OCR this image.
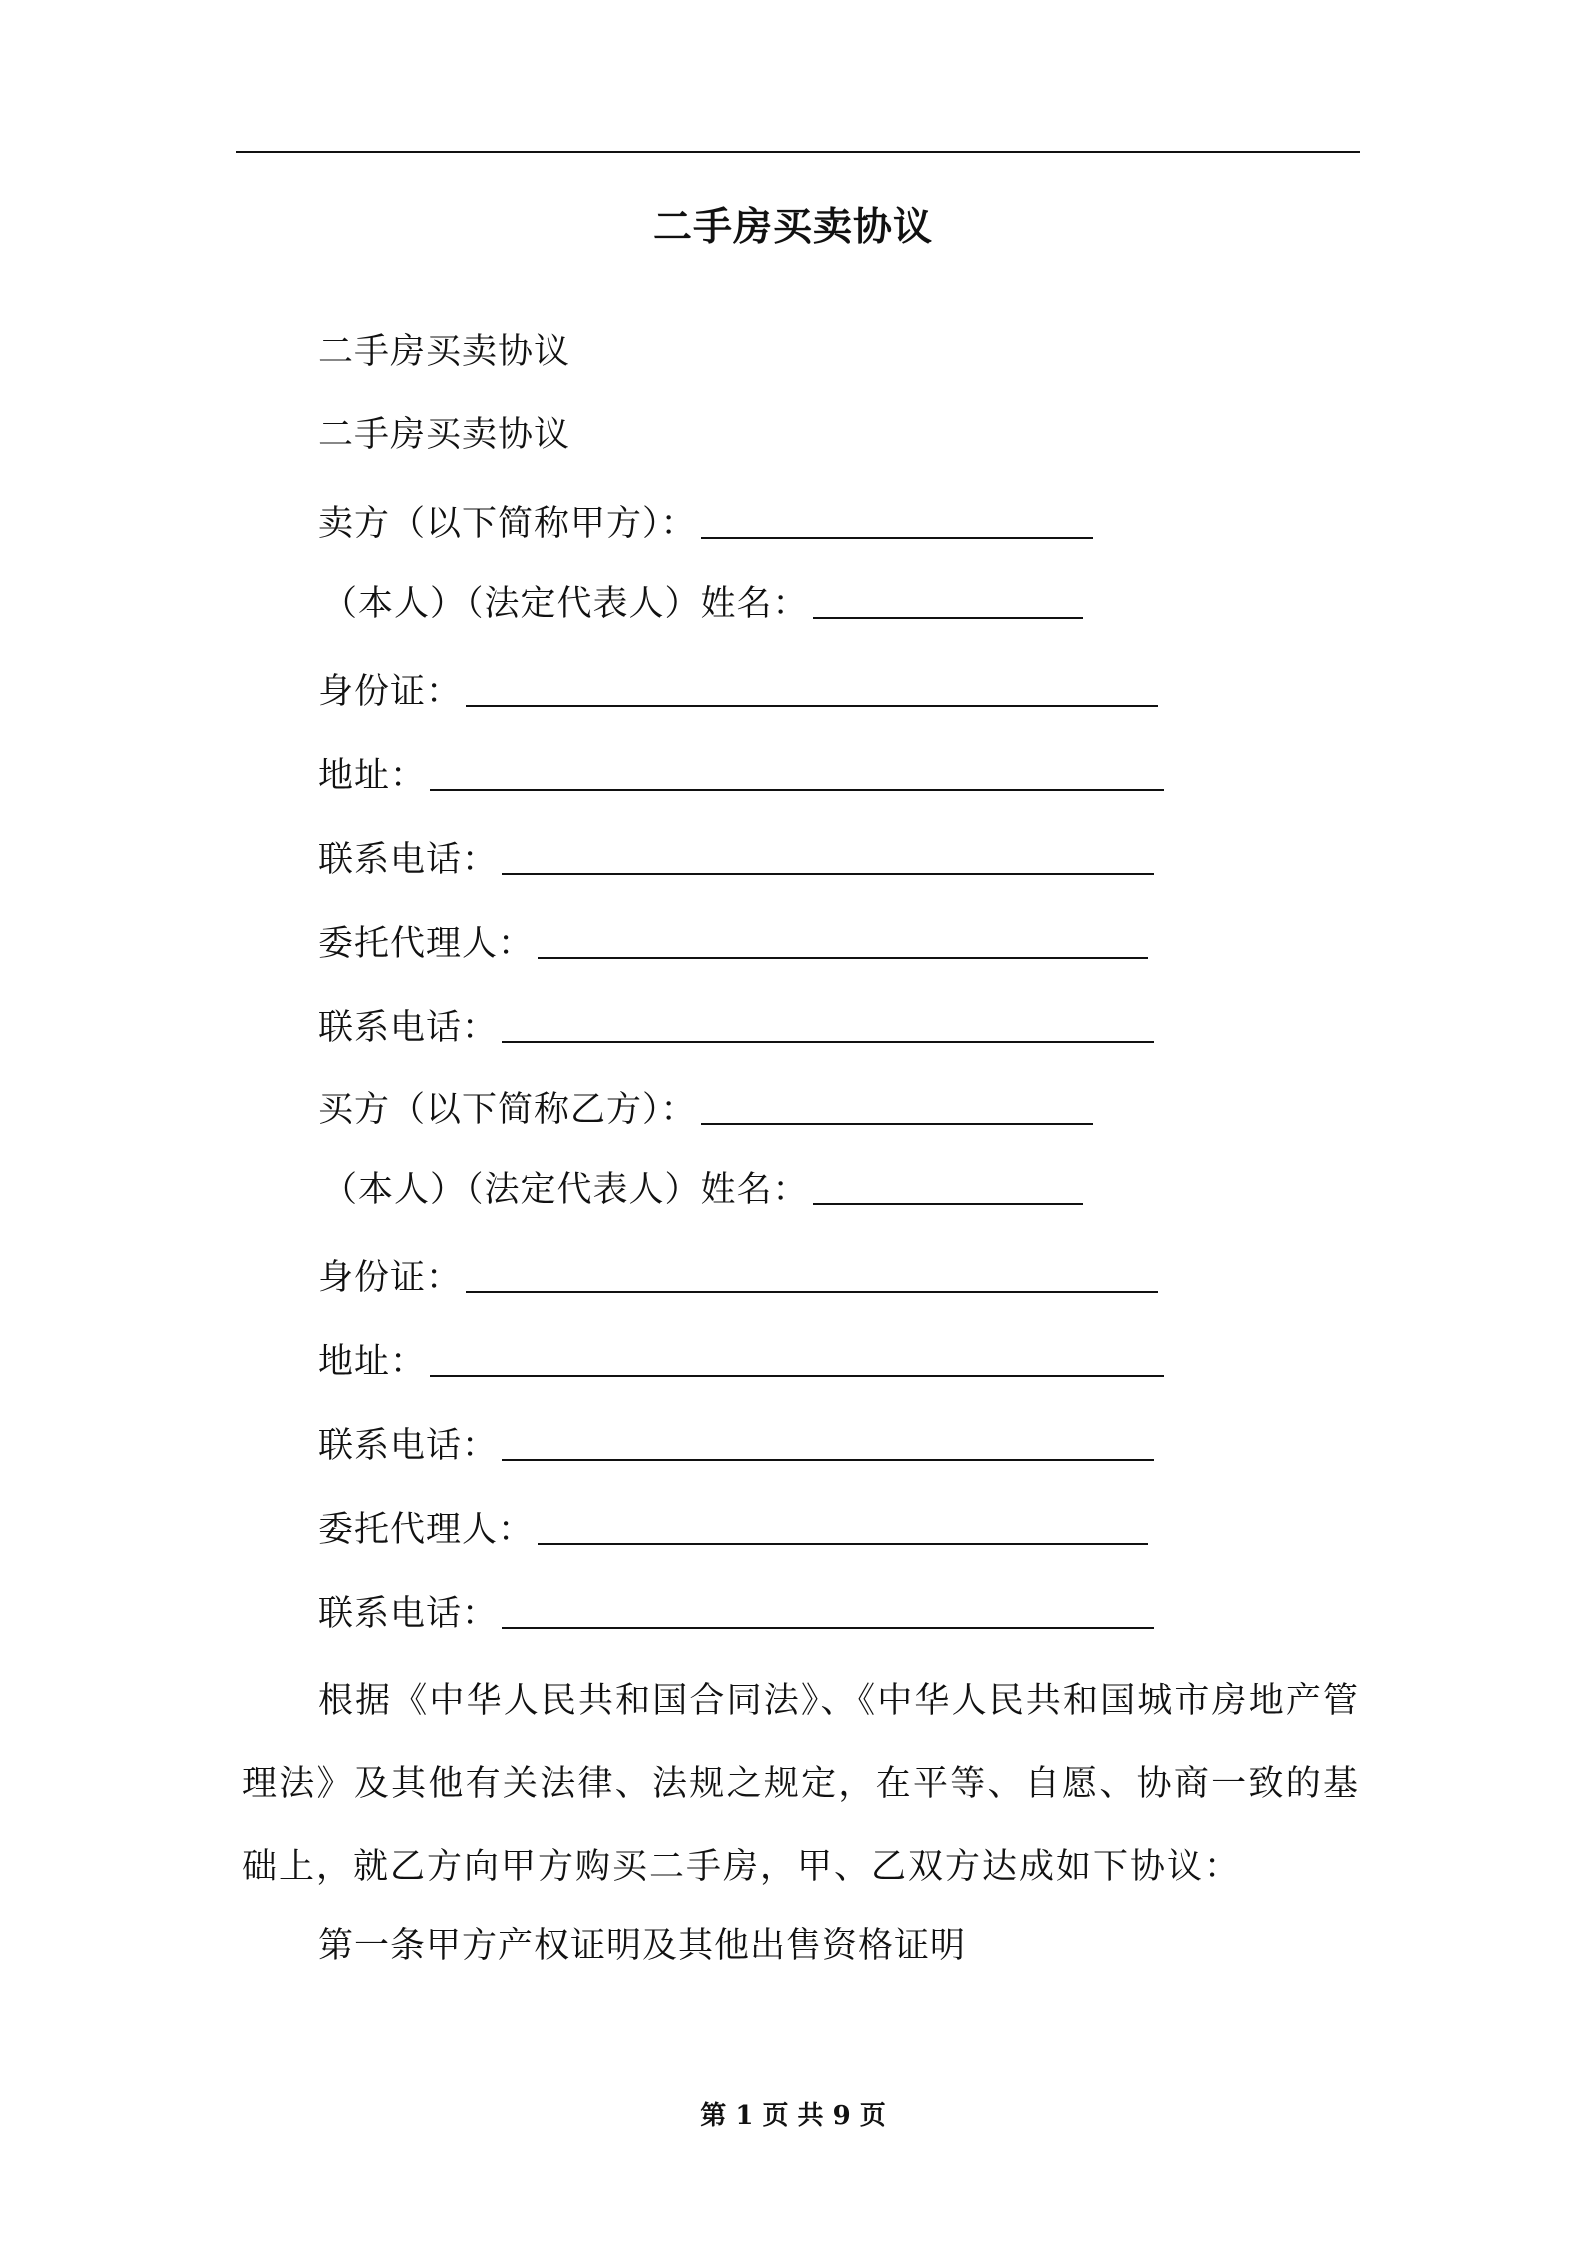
二手房买卖协议
二手房买卖协议
二手房买卖协议
卖方（以下简称甲方）：
（本人）（法定代表人）姓名：
身份证：
地址：
联系电话：
委托代理人：
联系电话：
买方（以下简称乙方）：
（本人）（法定代表人）姓名：
身份证：
地址：
联系电话：
委托代理人：
联系电话：
根据《中华人民共和国合同法》、《中华人民共和国城市房地产管理法》及其他有关法律、法规之规定，在平等、自愿、协商一致的基础上，就乙方向甲方购买二手房，甲、乙双方达成如下协议：
第一条甲方产权证明及其他出售资格证明
第 1 页 共 9 页
